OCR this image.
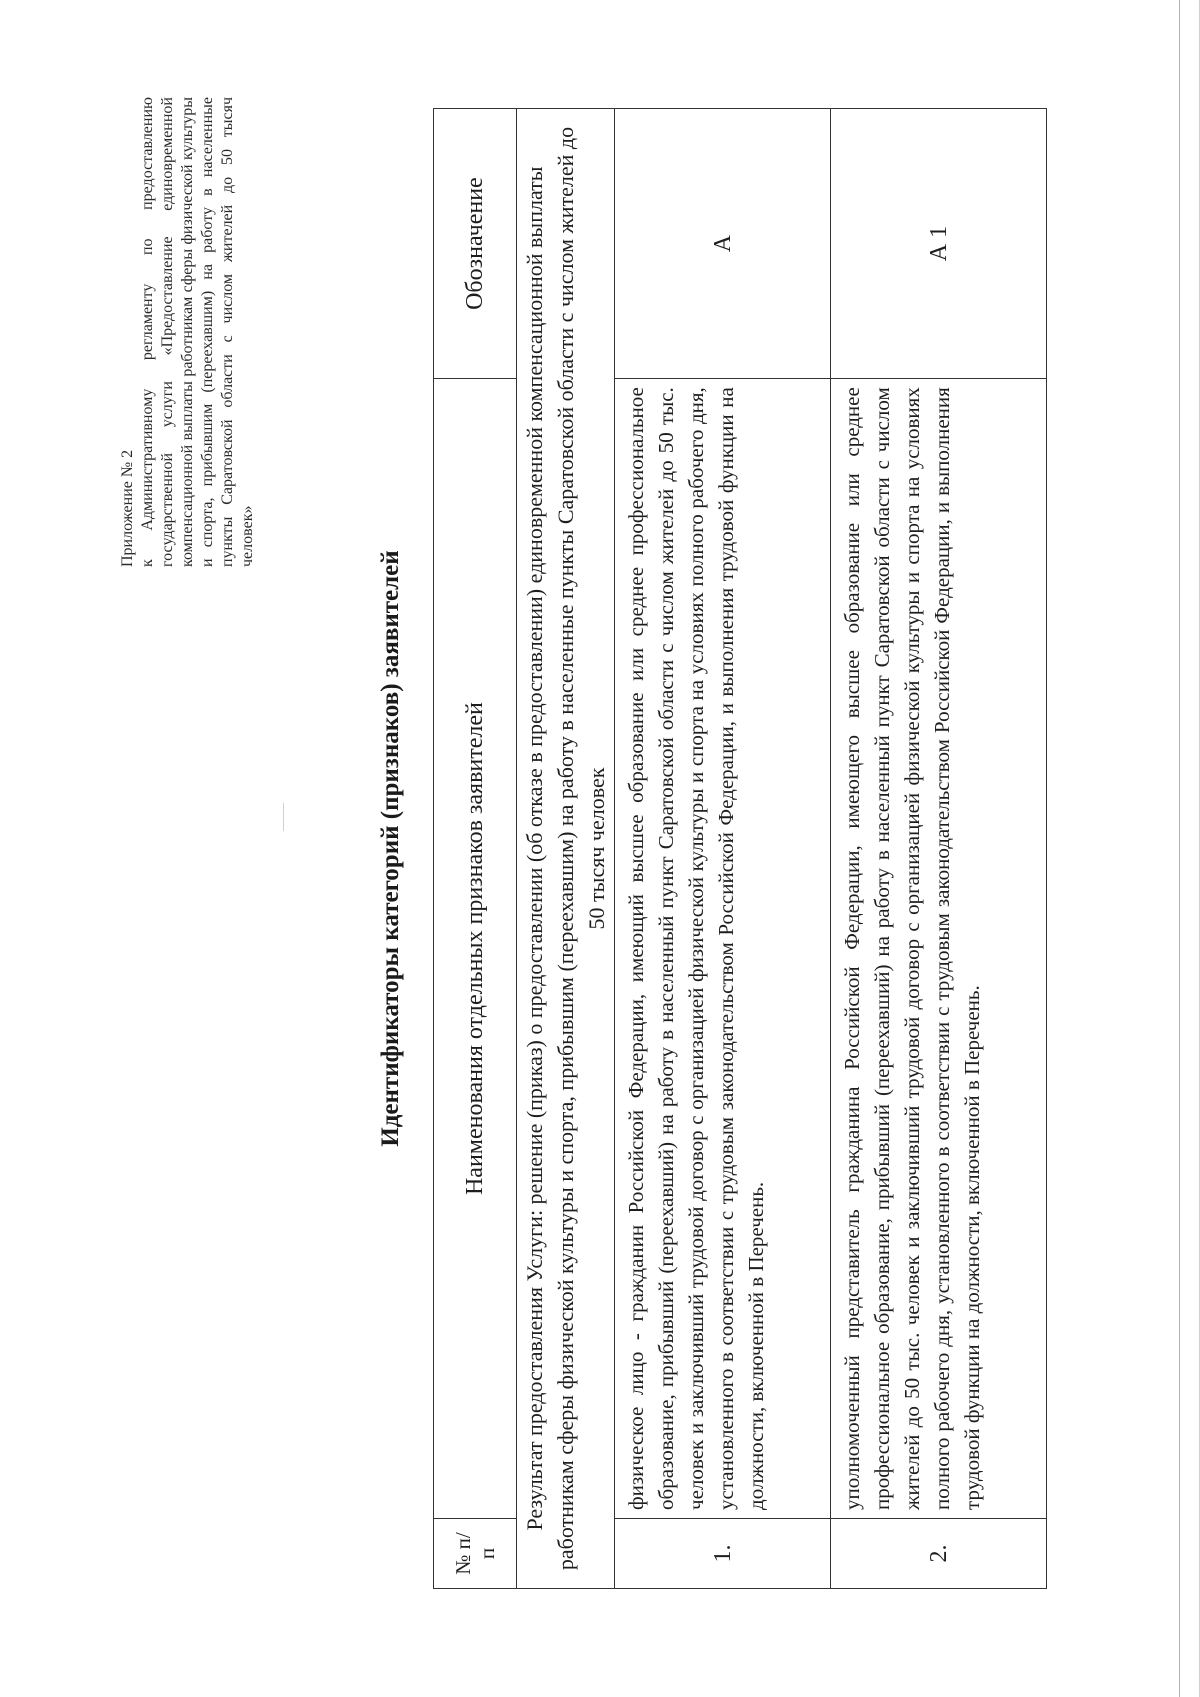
Приложение № 2 к Административному регламенту по предоставлению государственной услуги «Предоставление единовременной компенсационной выплаты работникам сферы физической культуры и спорта, прибывшим (переехавшим) на работу в населенные пункты Саратовской области с числом жителей до 50 тысяч человек»

Идентификаторы категорий (признаков) заявителей
№ п/п	Наименования отдельных признаков заявителей	Обозначение
Результат предоставления Услуги: решение (приказ) о предоставлении (об отказе в предоставлении) единовременной компенсационной выплаты работникам сферы физической культуры и спорта, прибывшим (переехавшим) на работу в населенные пункты Саратовской области с числом жителей до 50 тысяч человек		
1.	физическое лицо - гражданин Российской Федерации, имеющий высшее образование или среднее профессиональное образование, прибывший (переехавший) на работу в населенный пункт Саратовской области с числом жителей до 50 тыс. человек и заключивший трудовой договор с организацией физической культуры и спорта на условиях полного рабочего дня, установленного в соответствии с трудовым законодательством Российской Федерации, и выполнения трудовой функции на должности, включенной в Перечень.	А
2.	уполномоченный представитель гражданина Российской Федерации, имеющего высшее образование или среднее профессиональное образование, прибывший (переехавший) на работу в населенный пункт Саратовской области с числом жителей до 50 тыс. человек и заключивший трудовой договор с организацией физической культуры и спорта на условиях полного рабочего дня, установленного в соответствии с трудовым законодательством Российской Федерации, и выполнения трудовой функции на должности, включенной в Перечень.	А 1
